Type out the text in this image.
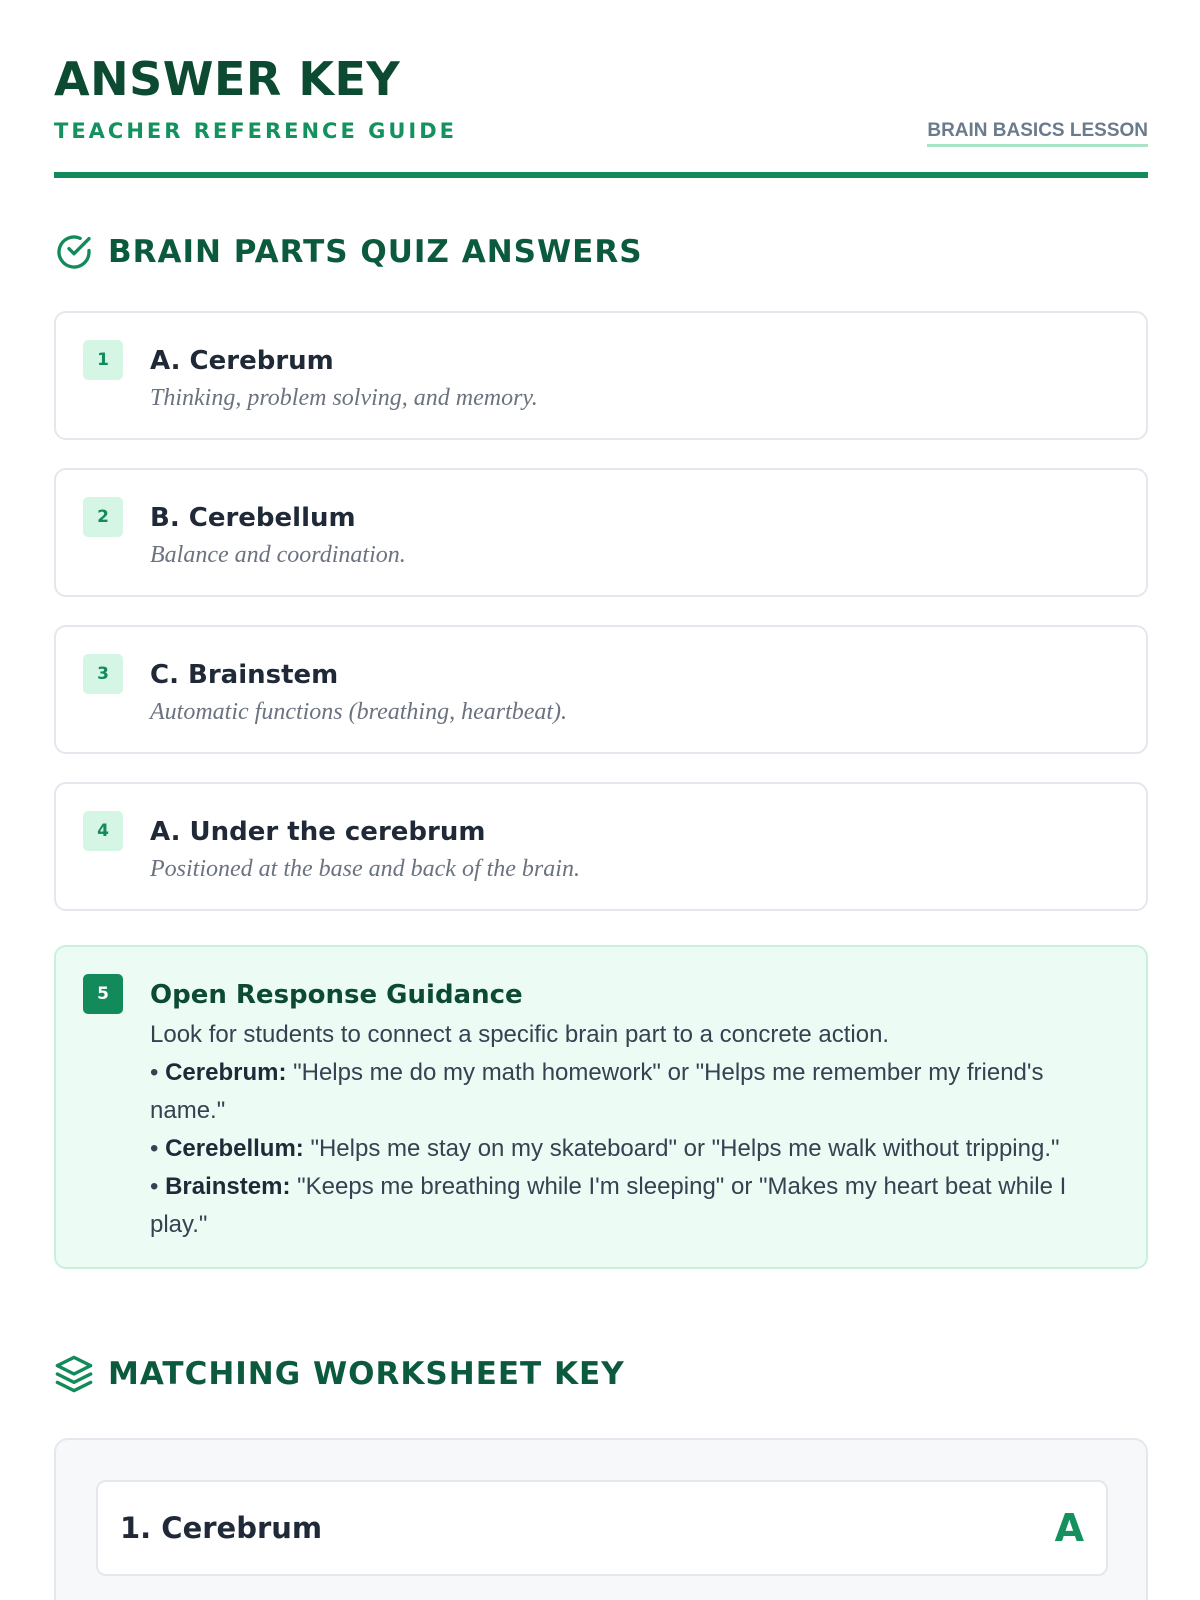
ANSWER KEY
TEACHER REFERENCE GUIDE	BRAIN BASICS LESSON
BRAIN PARTS QUIZ ANSWERS
1	A. Cerebrum
Thinking, problem solving, and memory.
2	B. Cerebellum
Balance and coordination.
3	C. Brainstem
Automatic functions (breathing, heartbeat).
4	A. Under the cerebrum
Positioned at the base and back of the brain.
5	Open Response Guidance
Look for students to connect a specific brain part to a concrete action.
• Cerebrum: "Helps me do my math homework" or "Helps me remember my friend's name."
• Cerebellum: "Helps me stay on my skateboard" or "Helps me walk without tripping."
• Brainstem: "Keeps me breathing while I'm sleeping" or "Makes my heart beat while I play."
MATCHING WORKSHEET KEY
1. Cerebrum	A
